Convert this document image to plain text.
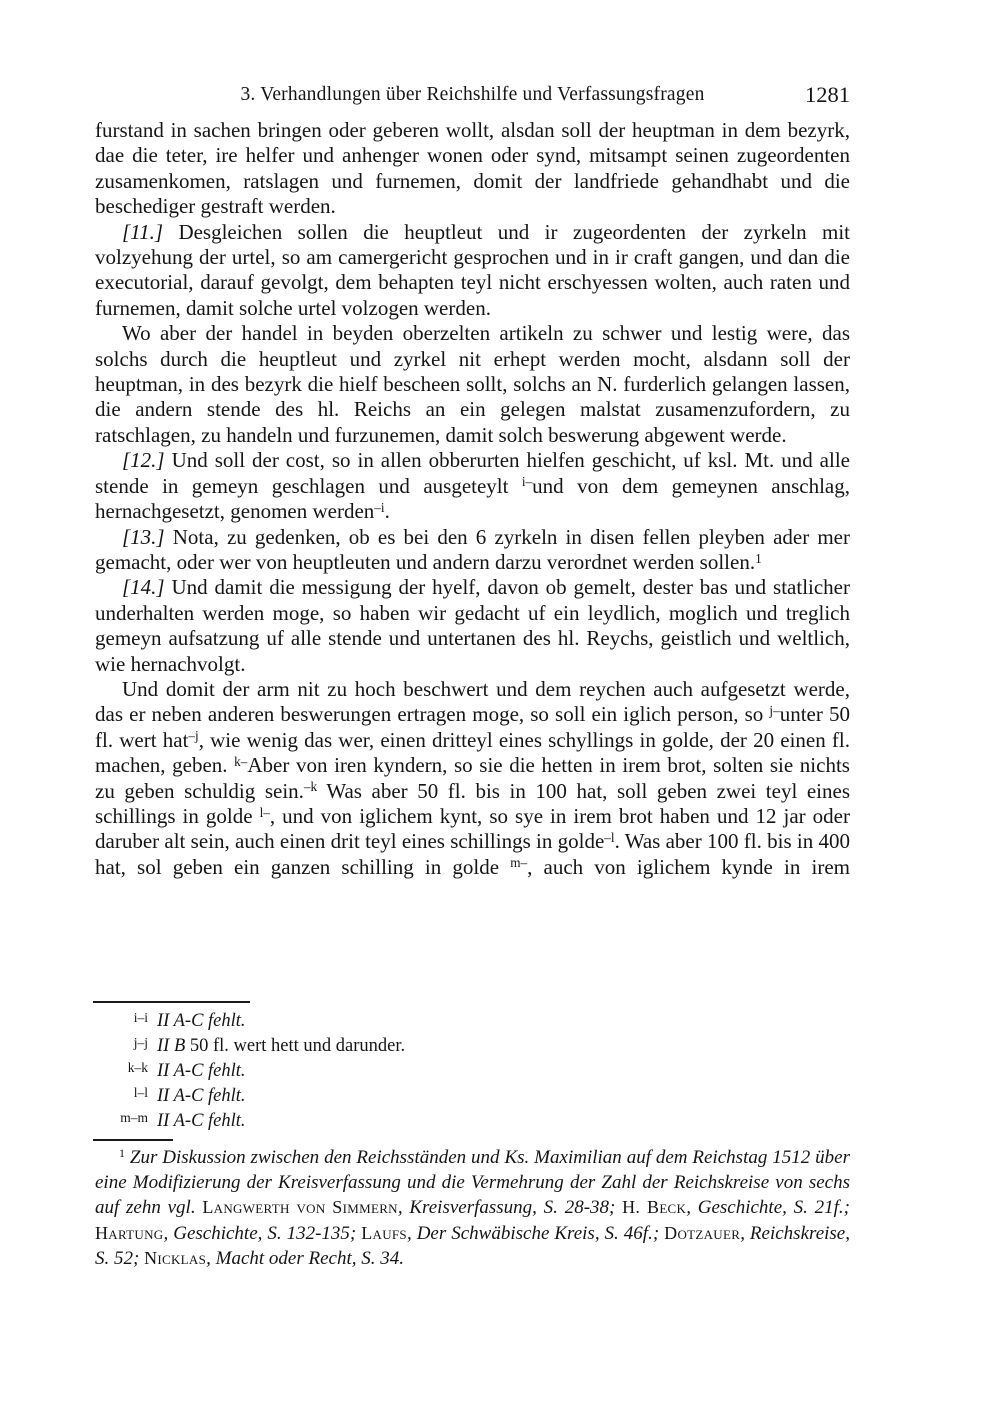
3. Verhandlungen über Reichshilfe und Verfassungsfragen	1281

furstand in sachen bringen oder geberen wollt, alsdan soll der heuptman in dem bezyrk, dae die teter, ire helfer und anhenger wonen oder synd, mitsampt seinen zugeordenten zusamenkomen, ratslagen und furnemen, domit der landfriede gehandhabt und die beschediger gestraft werden.

[11.] Desgleichen sollen die heuptleut und ir zugeordenten der zyrkeln mit volzyehung der urtel, so am camergericht gesprochen und in ir craft gangen, und dan die executorial, darauf gevolgt, dem behapten teyl nicht erschyessen wolten, auch raten und furnemen, damit solche urtel volzogen werden.

Wo aber der handel in beyden oberzelten artikeln zu schwer und lestig were, das solchs durch die heuptleut und zyrkel nit erhept werden mocht, alsdann soll der heuptman, in des bezyrk die hielf bescheen sollt, solchs an N. furderlich gelangen lassen, die andern stende des hl. Reichs an ein gelegen malstat zusamenzufordern, zu ratschlagen, zu handeln und furzunemen, damit solch beswerung abgewent werde.

[12.] Und soll der cost, so in allen obberurten hielfen geschicht, uf ksl. Mt. und alle stende in gemeyn geschlagen und ausgeteylt $^{i-}$und von dem gemeynen anschlag, hernachgesetzt, genomen werden$^{-i}$.

[13.] Nota, zu gedenken, ob es bei den 6 zyrkeln in disen fellen pleyben ader mer gemacht, oder wer von heuptleuten und andern darzu verordnet werden sollen.$^1$

[14.] Und damit die messigung der hyelf, davon ob gemelt, dester bas und statlicher underhalten werden moge, so haben wir gedacht uf ein leydlich, moglich und treglich gemeyn aufsatzung uf alle stende und untertanen des hl. Reychs, geistlich und weltlich, wie hernachvolgt.

Und domit der arm nit zu hoch beschwert und dem reychen auch aufgesetzt werde, das er neben anderen beswerungen ertragen moge, so soll ein iglich person, so $^{j-}$unter 50 fl. wert hat$^{-j}$, wie wenig das wer, einen dritteyl eines schyllings in golde, der 20 einen fl. machen, geben. $^{k-}$Aber von iren kyndern, so sie die hetten in irem brot, solten sie nichts zu geben schuldig sein.$^{-k}$ Was aber 50 fl. bis in 100 hat, soll geben zwei teyl eines schillings in golde $^{l-}$, und von iglichem kynt, so sye in irem brot haben und 12 jar oder daruber alt sein, auch einen drit teyl eines schillings in golde$^{-l}$. Was aber 100 fl. bis in 400 hat, sol geben ein ganzen schilling in golde $^{m-}$, auch von iglichem kynde in irem

i–i II A-C fehlt.
j–j II B 50 fl. wert hett und darunder.
k–k II A-C fehlt.
l–l II A-C fehlt.
m–m II A-C fehlt.

$^1$ Zur Diskussion zwischen den Reichsständen und Ks. Maximilian auf dem Reichstag 1512 über eine Modifizierung der Kreisverfassung und die Vermehrung der Zahl der Reichskreise von sechs auf zehn vgl. Langwerth von Simmern, Kreisverfassung, S. 28-38; H. Beck, Geschichte, S. 21f.; Hartung, Geschichte, S. 132-135; Laufs, Der Schwäbische Kreis, S. 46f.; Dotzauer, Reichskreise, S. 52; Nicklas, Macht oder Recht, S. 34.
